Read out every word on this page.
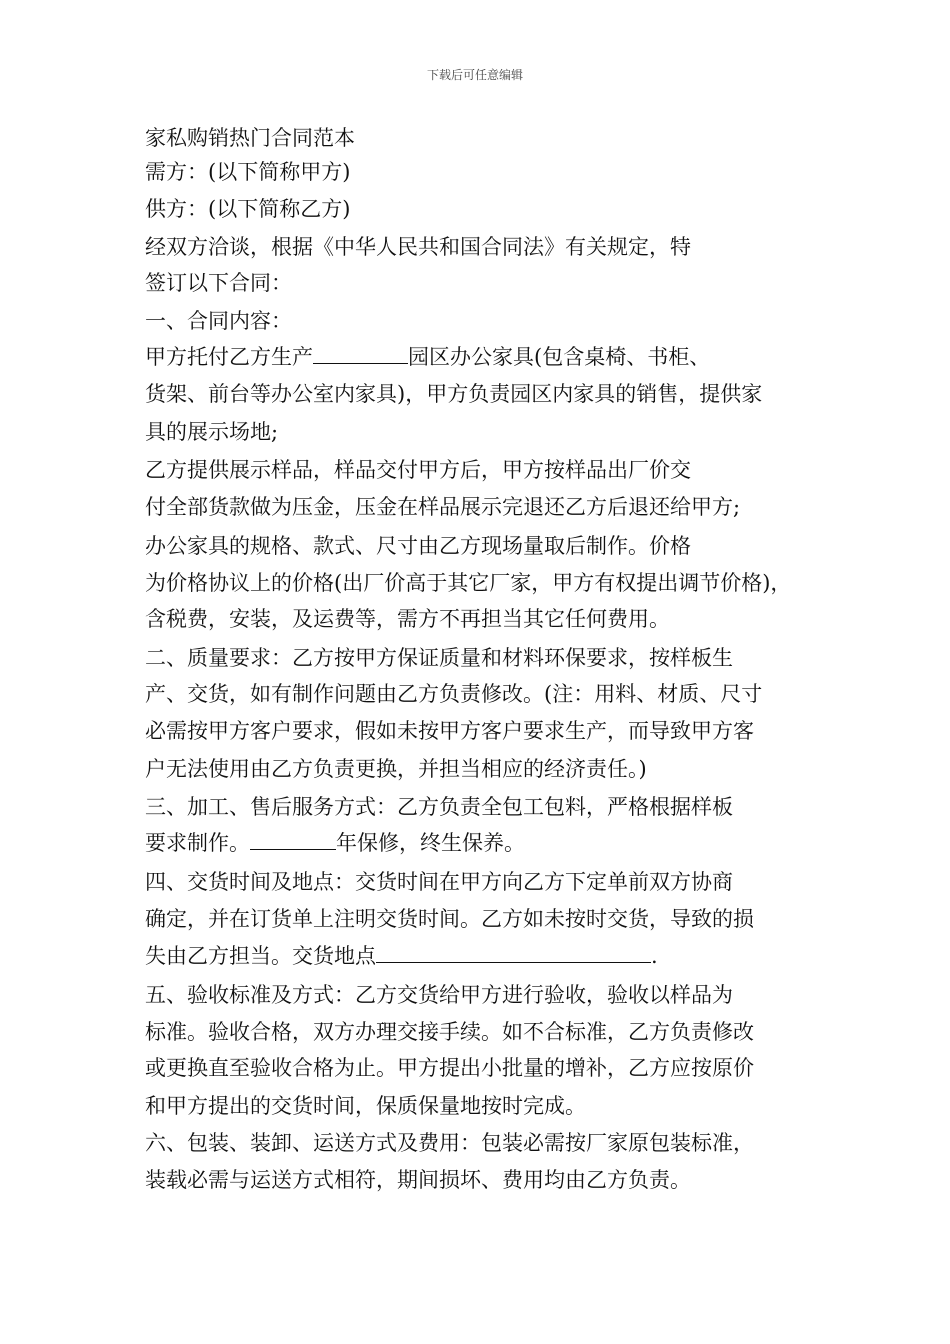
下载后可任意编辑
家私购销热门合同范本
需方：(以下简称甲方)
供方：(以下简称乙方)
经双方洽谈，根据《中华人民共和国合同法》有关规定，特
签订以下合同：
一、合同内容：
甲方托付乙方生产	园区办公家具(包含桌椅、书柜、
货架、前台等办公室内家具)，甲方负责园区内家具的销售，提供家
具的展示场地;
乙方提供展示样品，样品交付甲方后，甲方按样品出厂价交
付全部货款做为压金，压金在样品展示完退还乙方后退还给甲方;
办公家具的规格、款式、尺寸由乙方现场量取后制作。价格
为价格协议上的价格(出厂价高于其它厂家，甲方有权提出调节价格)，
含税费，安装，及运费等，需方不再担当其它任何费用。
二、质量要求：乙方按甲方保证质量和材料环保要求，按样板生
产、交货，如有制作问题由乙方负责修改。(注：用料、材质、尺寸
必需按甲方客户要求，假如未按甲方客户要求生产，而导致甲方客
户无法使用由乙方负责更换，并担当相应的经济责任。)
三、加工、售后服务方式：乙方负责全包工包料，严格根据样板
要求制作。	年保修，终生保养。
四、交货时间及地点：交货时间在甲方向乙方下定单前双方协商
确定，并在订货单上注明交货时间。乙方如未按时交货，导致的损
失由乙方担当。交货地点	.
五、验收标准及方式：乙方交货给甲方进行验收，验收以样品为
标准。验收合格，双方办理交接手续。如不合标准，乙方负责修改
或更换直至验收合格为止。甲方提出小批量的增补，乙方应按原价
和甲方提出的交货时间，保质保量地按时完成。
六、包装、装卸、运送方式及费用：包装必需按厂家原包装标准，
装载必需与运送方式相符，期间损坏、费用均由乙方负责。
